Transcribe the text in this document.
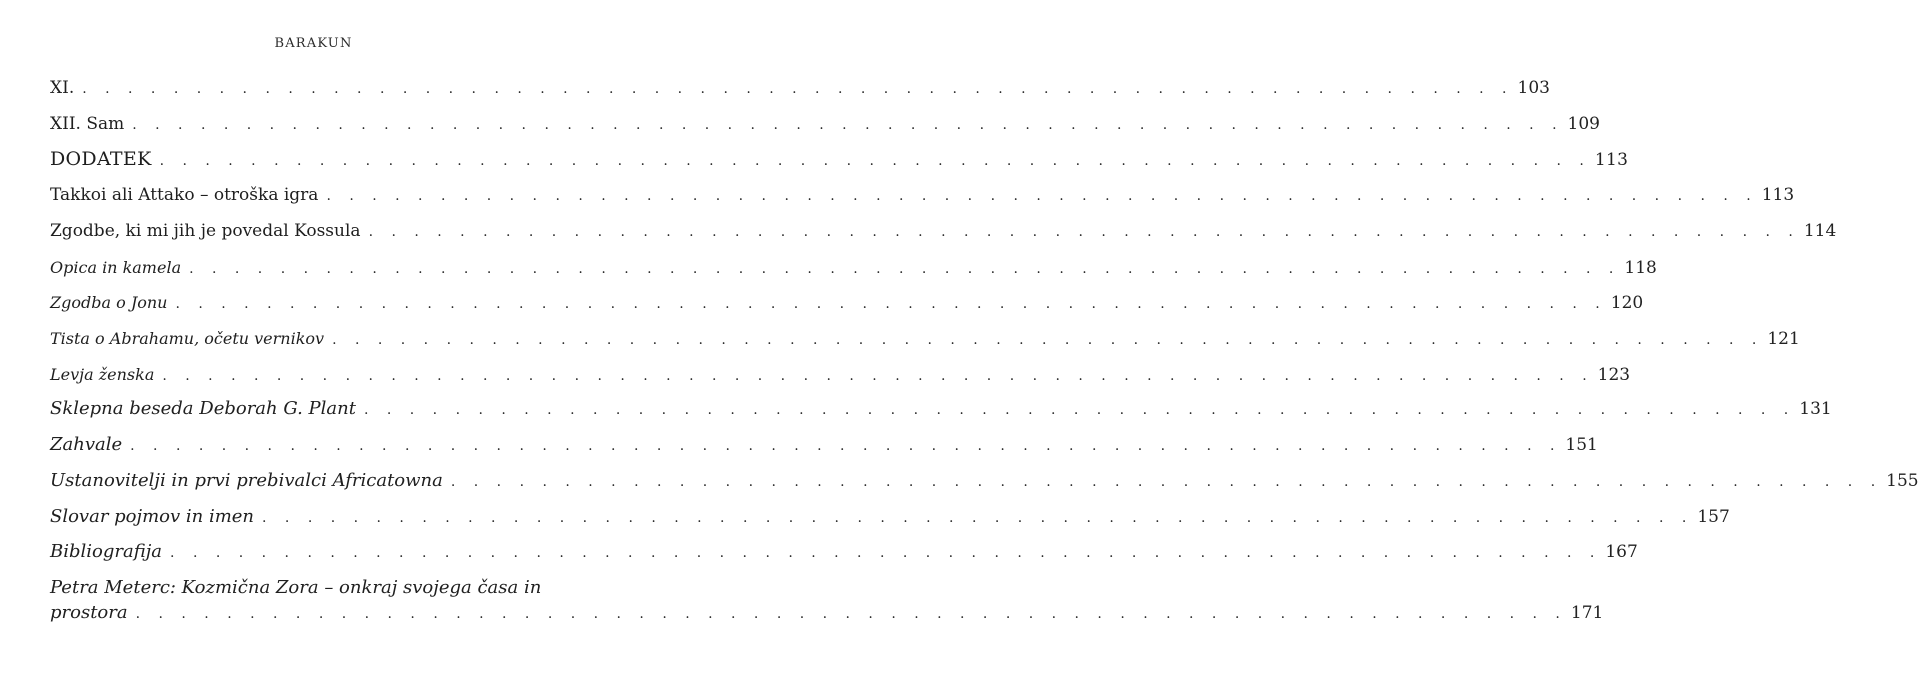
BARAKUN
XI. . . . . . . . . . . . . . . . . . . . . . . . . . . . . . . . . . . . . . . . . . . . . . . . . . . . . . . . . . . . . . . . 103
XII. Sam . . . . . . . . . . . . . . . . . . . . . . . . . . . . . . . . . . . . . . . . . . . . . . . . . . . . . . . . . . . . . . . 109
DODATEK . . . . . . . . . . . . . . . . . . . . . . . . . . . . . . . . . . . . . . . . . . . . . . . . . . . . . . . . . . . . . . . 113
Takkoi ali Attako – otroška igra . . . . . . . . . . . . . . . . . . . . . . . . . . . . . . . . . . . . . . . . . . . . . . . . . . . . . . . . . . . . . . . 113
Zgodbe, ki mi jih je povedal Kossula . . . . . . . . . . . . . . . . . . . . . . . . . . . . . . . . . . . . . . . . . . . . . . . . . . . . . . . . . . . . . . . 114
Opica in kamela . . . . . . . . . . . . . . . . . . . . . . . . . . . . . . . . . . . . . . . . . . . . . . . . . . . . . . . . . . . . . . . 118
Zgodba o Jonu . . . . . . . . . . . . . . . . . . . . . . . . . . . . . . . . . . . . . . . . . . . . . . . . . . . . . . . . . . . . . . . 120
Tista o Abrahamu, očetu vernikov . . . . . . . . . . . . . . . . . . . . . . . . . . . . . . . . . . . . . . . . . . . . . . . . . . . . . . . . . . . . . . . 121
Levja ženska . . . . . . . . . . . . . . . . . . . . . . . . . . . . . . . . . . . . . . . . . . . . . . . . . . . . . . . . . . . . . . . 123
Sklepna beseda Deborah G. Plant . . . . . . . . . . . . . . . . . . . . . . . . . . . . . . . . . . . . . . . . . . . . . . . . . . . . . . . . . . . . . . . 131
Zahvale . . . . . . . . . . . . . . . . . . . . . . . . . . . . . . . . . . . . . . . . . . . . . . . . . . . . . . . . . . . . . . . 151
Ustanovitelji in prvi prebivalci Africatowna . . . . . . . . . . . . . . . . . . . . . . . . . . . . . . . . . . . . . . . . . . . . . . . . . . . . . . . . . . . . . . . 155
Slovar pojmov in imen . . . . . . . . . . . . . . . . . . . . . . . . . . . . . . . . . . . . . . . . . . . . . . . . . . . . . . . . . . . . . . . 157
Bibliografija . . . . . . . . . . . . . . . . . . . . . . . . . . . . . . . . . . . . . . . . . . . . . . . . . . . . . . . . . . . . . . . 167
Petra Meterc: Kozmična Zora – onkraj svojega časa in
prostora . . . . . . . . . . . . . . . . . . . . . . . . . . . . . . . . . . . . . . . . . . . . . . . . . . . . . . . . . . . . . . . 171
